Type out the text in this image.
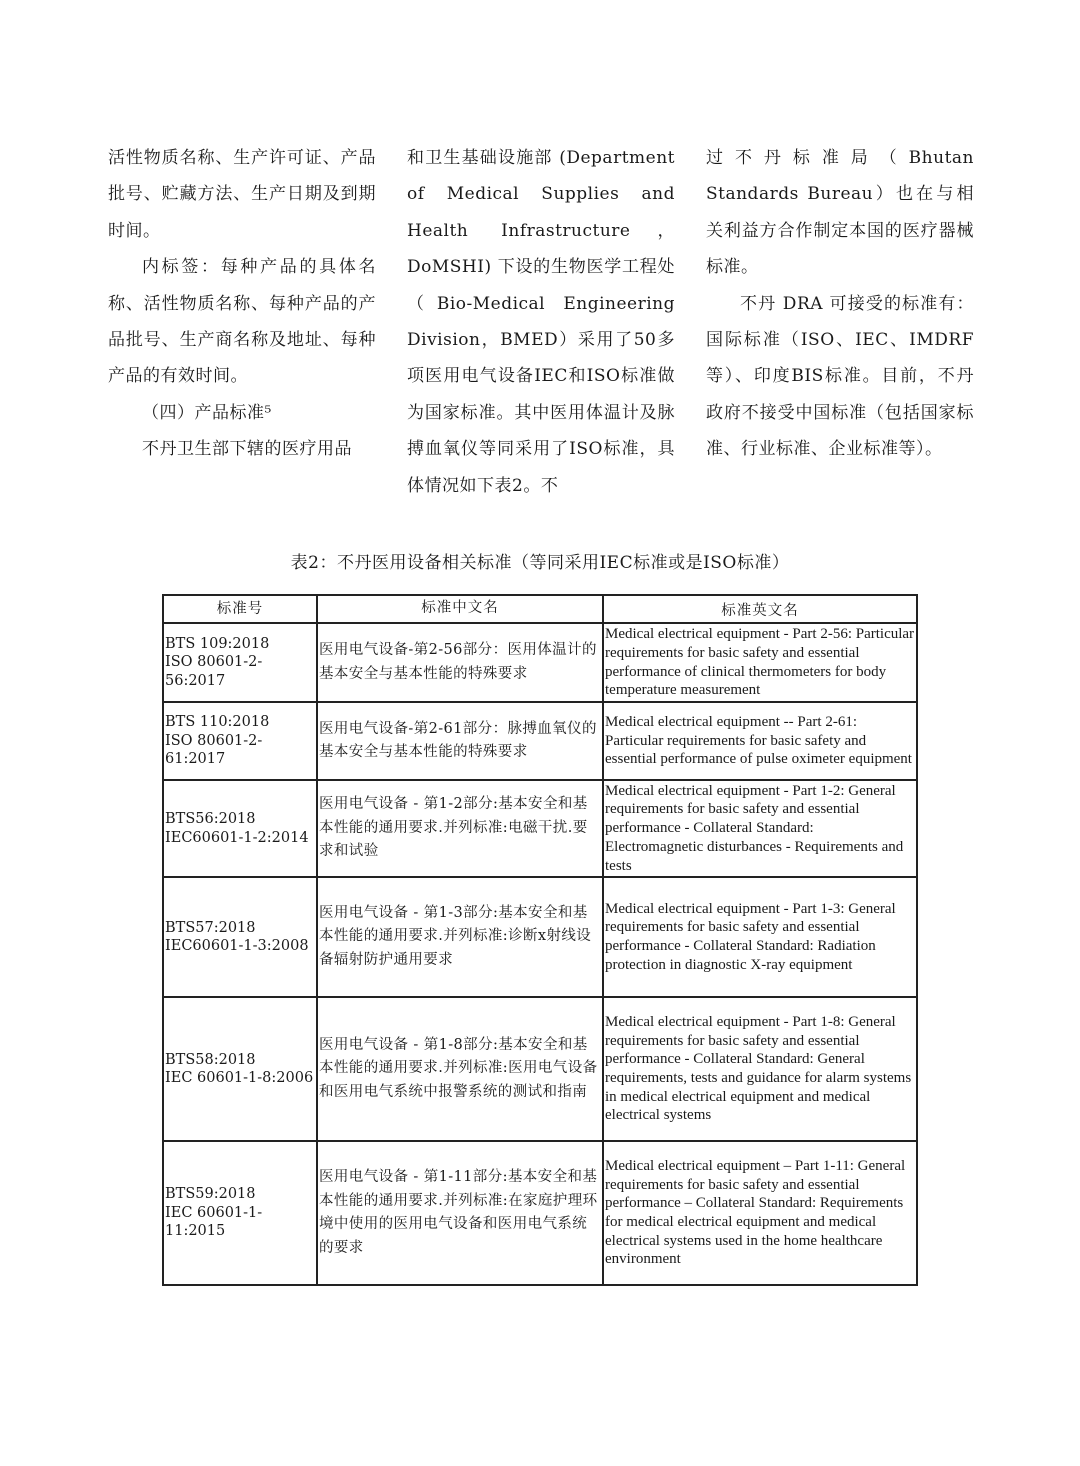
活性物质名称、生产许可证、产品批号、贮藏方法、生产日期及到期时间。

内标签：每种产品的具体名称、活性物质名称、每种产品的产品批号、生产商名称及地址、每种产品的有效时间。

（四）产品标准⁵

不丹卫生部下辖的医疗用品

和卫生基础设施部 (Department of Medical Supplies and Health Infrastructure，DoMSHI) 下设的生物医学工程处（Bio-Medical Engineering Division，BMED）采用了50多项医用电气设备IEC和ISO标准做为国家标准。其中医用体温计及脉搏血氧仪等同采用了ISO标准，具体情况如下表2。不

过不丹标准局（Bhutan Standards Bureau）也在与相关利益方合作制定本国的医疗器械标准。

不丹 DRA 可接受的标准有：国际标准（ISO、IEC、IMDRF等）、印度BIS标准。目前，不丹政府不接受中国标准（包括国家标准、行业标准、企业标准等）。

表2：不丹医用设备相关标准（等同采用IEC标准或是ISO标准）
标准号	标准中文名	标准英文名
BTS 109:2018
ISO 80601-2-56:2017	医用电气设备-第2-56部分：医用体温计的基本安全与基本性能的特殊要求	Medical electrical equipment - Part 2-56: Particular requirements for basic safety and essential performance of clinical thermometers for body temperature measurement
BTS 110:2018
ISO 80601-2-61:2017	医用电气设备-第2-61部分：脉搏血氧仪的基本安全与基本性能的特殊要求	Medical electrical equipment -- Part 2-61: Particular requirements for basic safety and essential performance of pulse oximeter equipment
BTS56:2018
IEC60601-1-2:2014	医用电气设备 - 第1-2部分:基本安全和基本性能的通用要求.并列标准:电磁干扰.要求和试验	Medical electrical equipment - Part 1-2: General requirements for basic safety and essential performance - Collateral Standard: Electromagnetic disturbances - Requirements and tests
BTS57:2018
IEC60601-1-3:2008	医用电气设备 - 第1-3部分:基本安全和基本性能的通用要求.并列标准:诊断x射线设备辐射防护通用要求	Medical electrical equipment - Part 1-3: General requirements for basic safety and essential performance - Collateral Standard: Radiation protection in diagnostic X-ray equipment
BTS58:2018
IEC 60601-1-8:2006	医用电气设备 - 第1-8部分:基本安全和基本性能的通用要求.并列标准:医用电气设备和医用电气系统中报警系统的测试和指南	Medical electrical equipment - Part 1-8: General requirements for basic safety and essential performance - Collateral Standard: General requirements, tests and guidance for alarm systems in medical electrical equipment and medical electrical systems
BTS59:2018
IEC 60601-1-11:2015	医用电气设备 - 第1-11部分:基本安全和基本性能的通用要求.并列标准:在家庭护理环境中使用的医用电气设备和医用电气系统的要求	Medical electrical equipment – Part 1-11: General requirements for basic safety and essential performance – Collateral Standard: Requirements for medical electrical equipment and medical electrical systems used in the home healthcare environment
